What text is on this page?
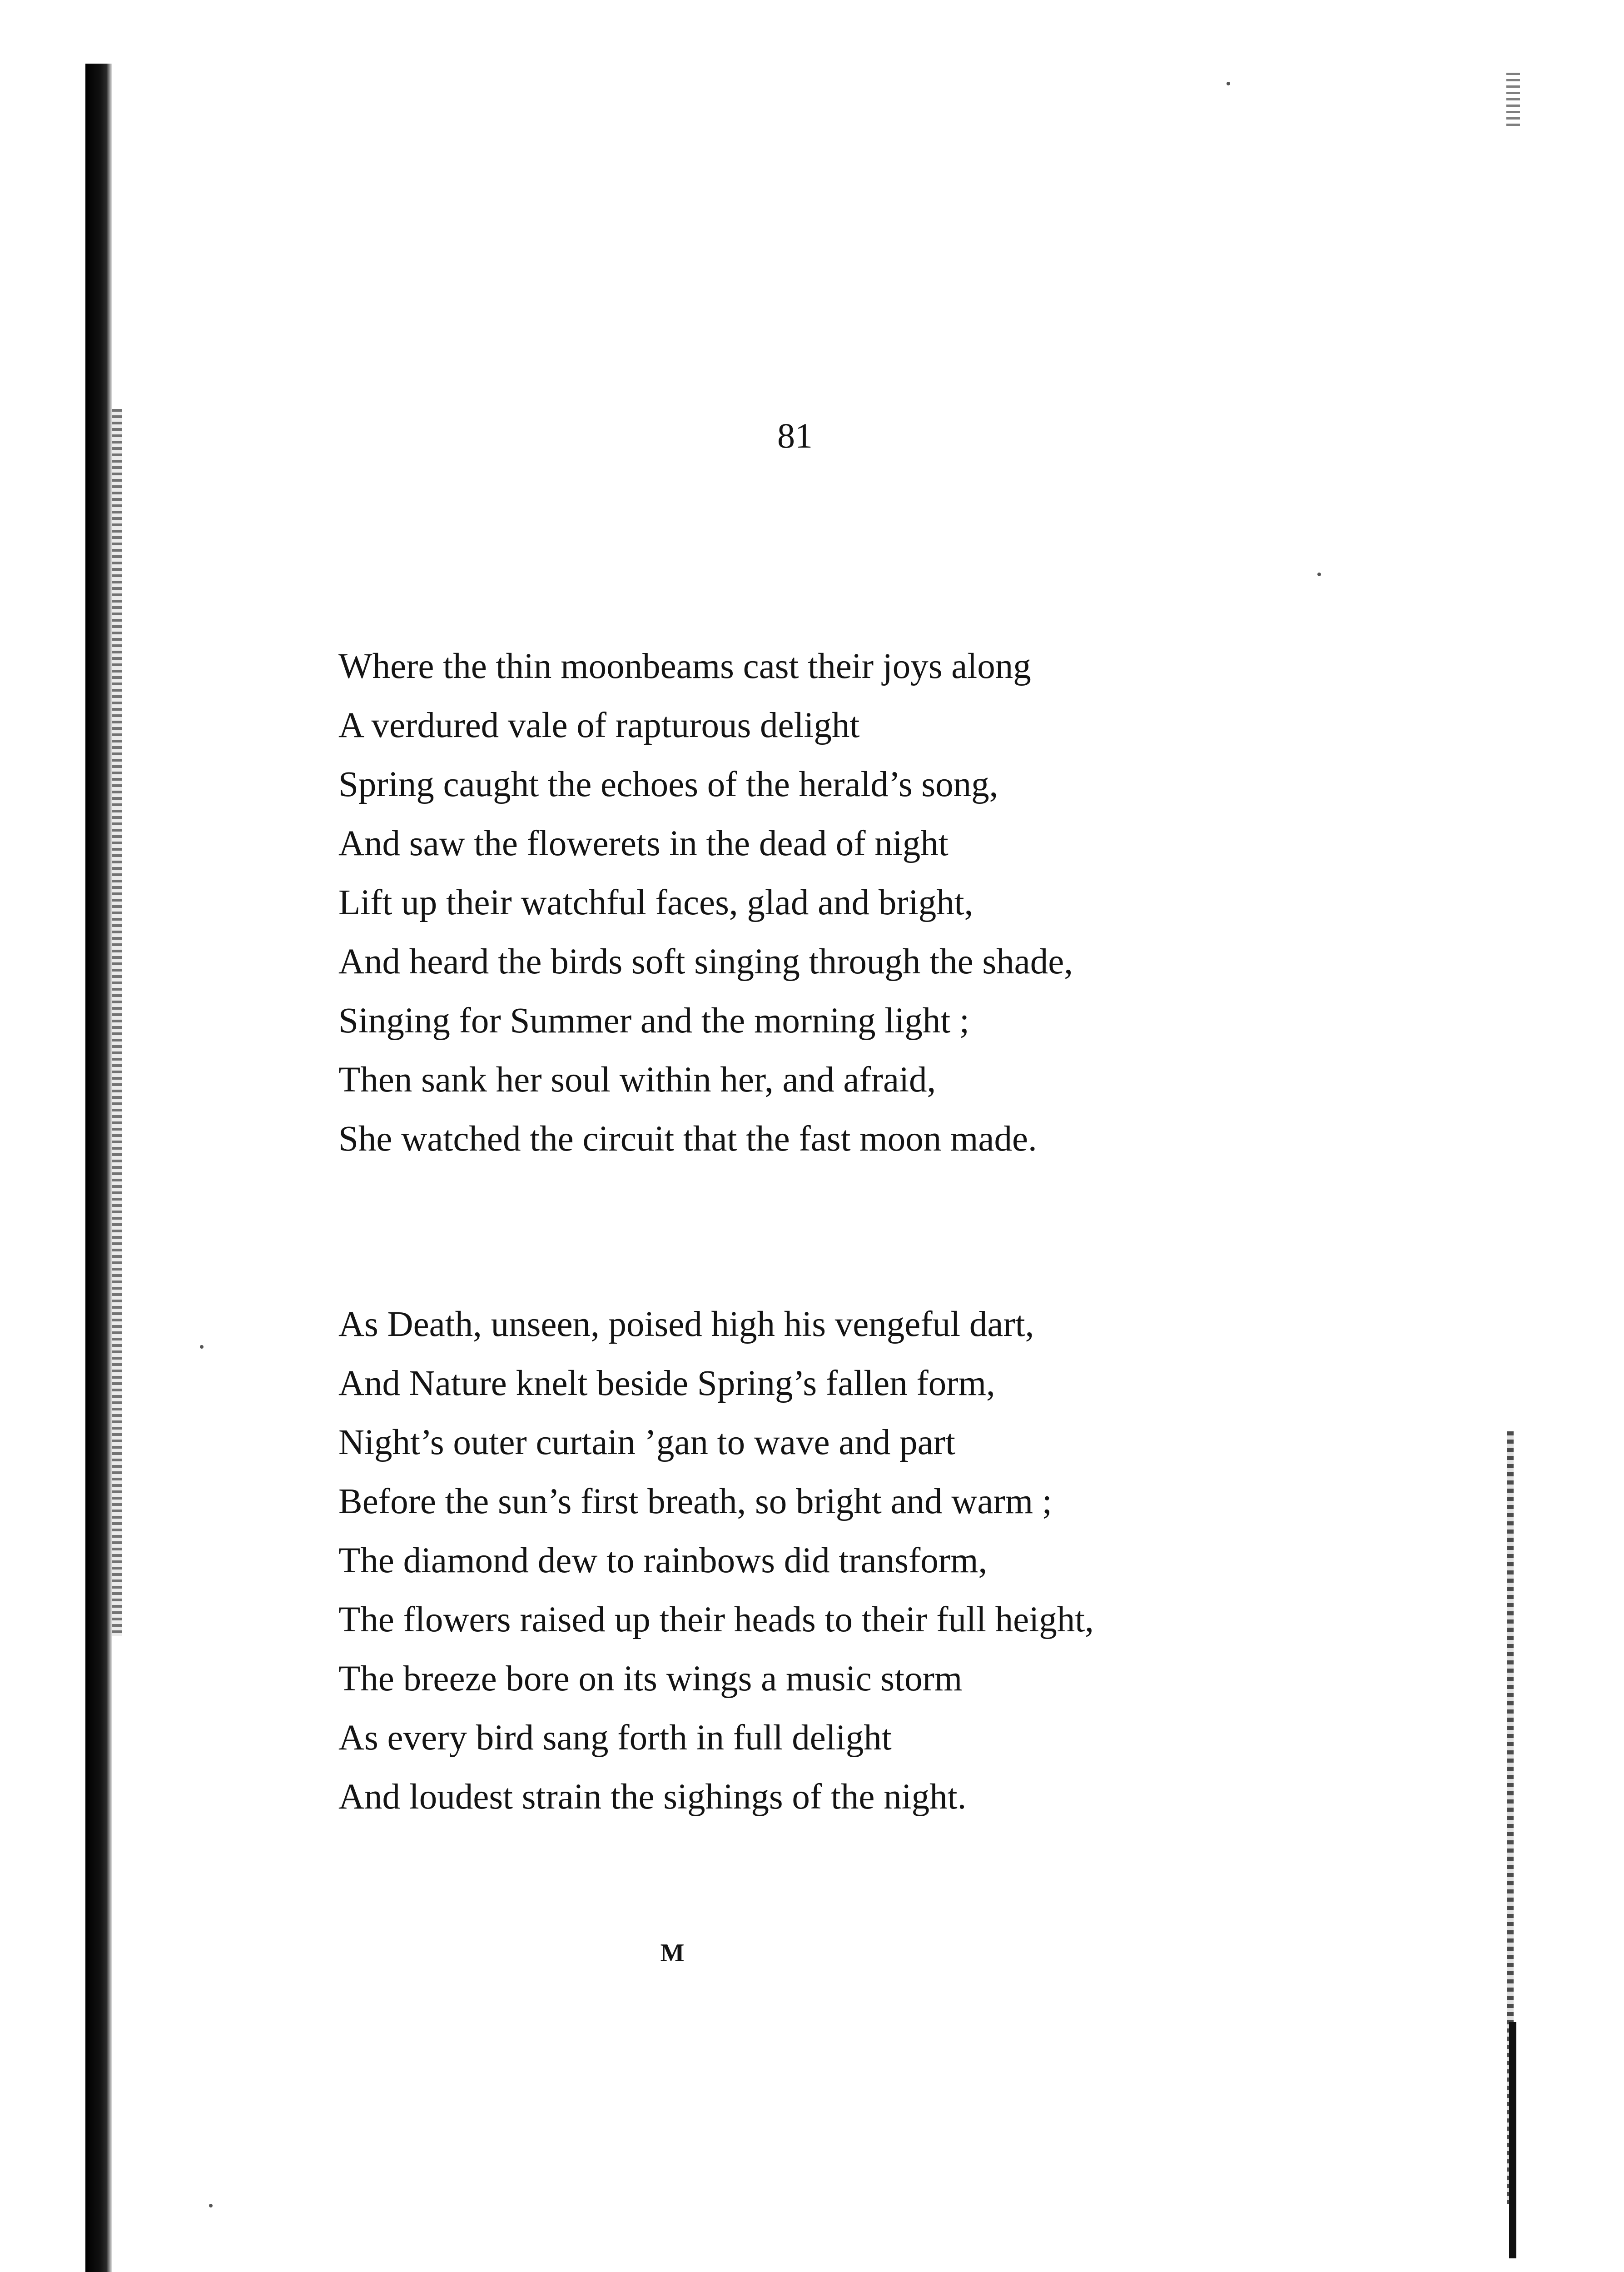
81
Where the thin moonbeams cast their joys along
A verdured vale of rapturous delight
Spring caught the echoes of the herald’s song,
And saw the flowerets in the dead of night
Lift up their watchful faces, glad and bright,
And heard the birds soft singing through the shade,
Singing for Summer and the morning light ;
Then sank her soul within her, and afraid,
She watched the circuit that the fast moon made.
As Death, unseen, poised high his vengeful dart,
And Nature knelt beside Spring’s fallen form,
Night’s outer curtain ’gan to wave and part
Before the sun’s first breath, so bright and warm ;
The diamond dew to rainbows did transform,
The flowers raised up their heads to their full height,
The breeze bore on its wings a music storm
As every bird sang forth in full delight
And loudest strain the sighings of the night.
M
